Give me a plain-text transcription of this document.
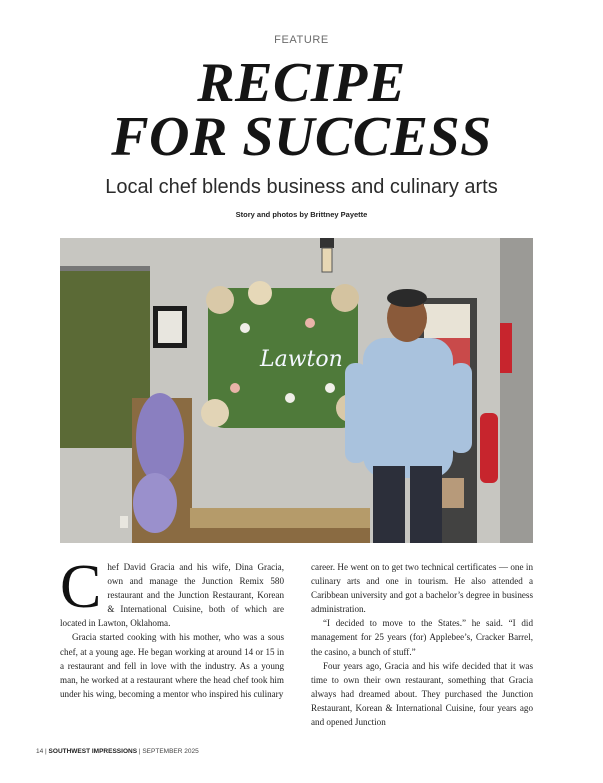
FEATURE
RECIPE
FOR SUCCESS
Local chef blends business and culinary arts
Story and photos by Brittney Payette
Lawton

Chef David Gracia and his wife, Dina Gracia, own and manage the Junction Remix 580 restaurant and the Junction Restaurant, Korean & International Cuisine, both of which are located in Lawton, Oklahoma.

Gracia started cooking with his mother, who was a sous chef, at a young age. He began working at around 14 or 15 in a restaurant and fell in love with the industry. As a young man, he worked at a restaurant where the head chef took him under his wing, becoming a mentor who inspired his culinary

career. He went on to get two technical certificates — one in culinary arts and one in tourism. He also attended a Caribbean university and got a bachelor’s degree in business administration.

“I decided to move to the States.” he said. “I did management for 25 years (for) Applebee’s, Cracker Barrel, the casino, a bunch of stuff.”

Four years ago, Gracia and his wife decided that it was time to own their own restaurant, something that Gracia always had dreamed about. They purchased the Junction Restaurant, Korean & International Cuisine, four years ago and opened Junction

14 | SOUTHWEST IMPRESSIONS | SEPTEMBER 2025
